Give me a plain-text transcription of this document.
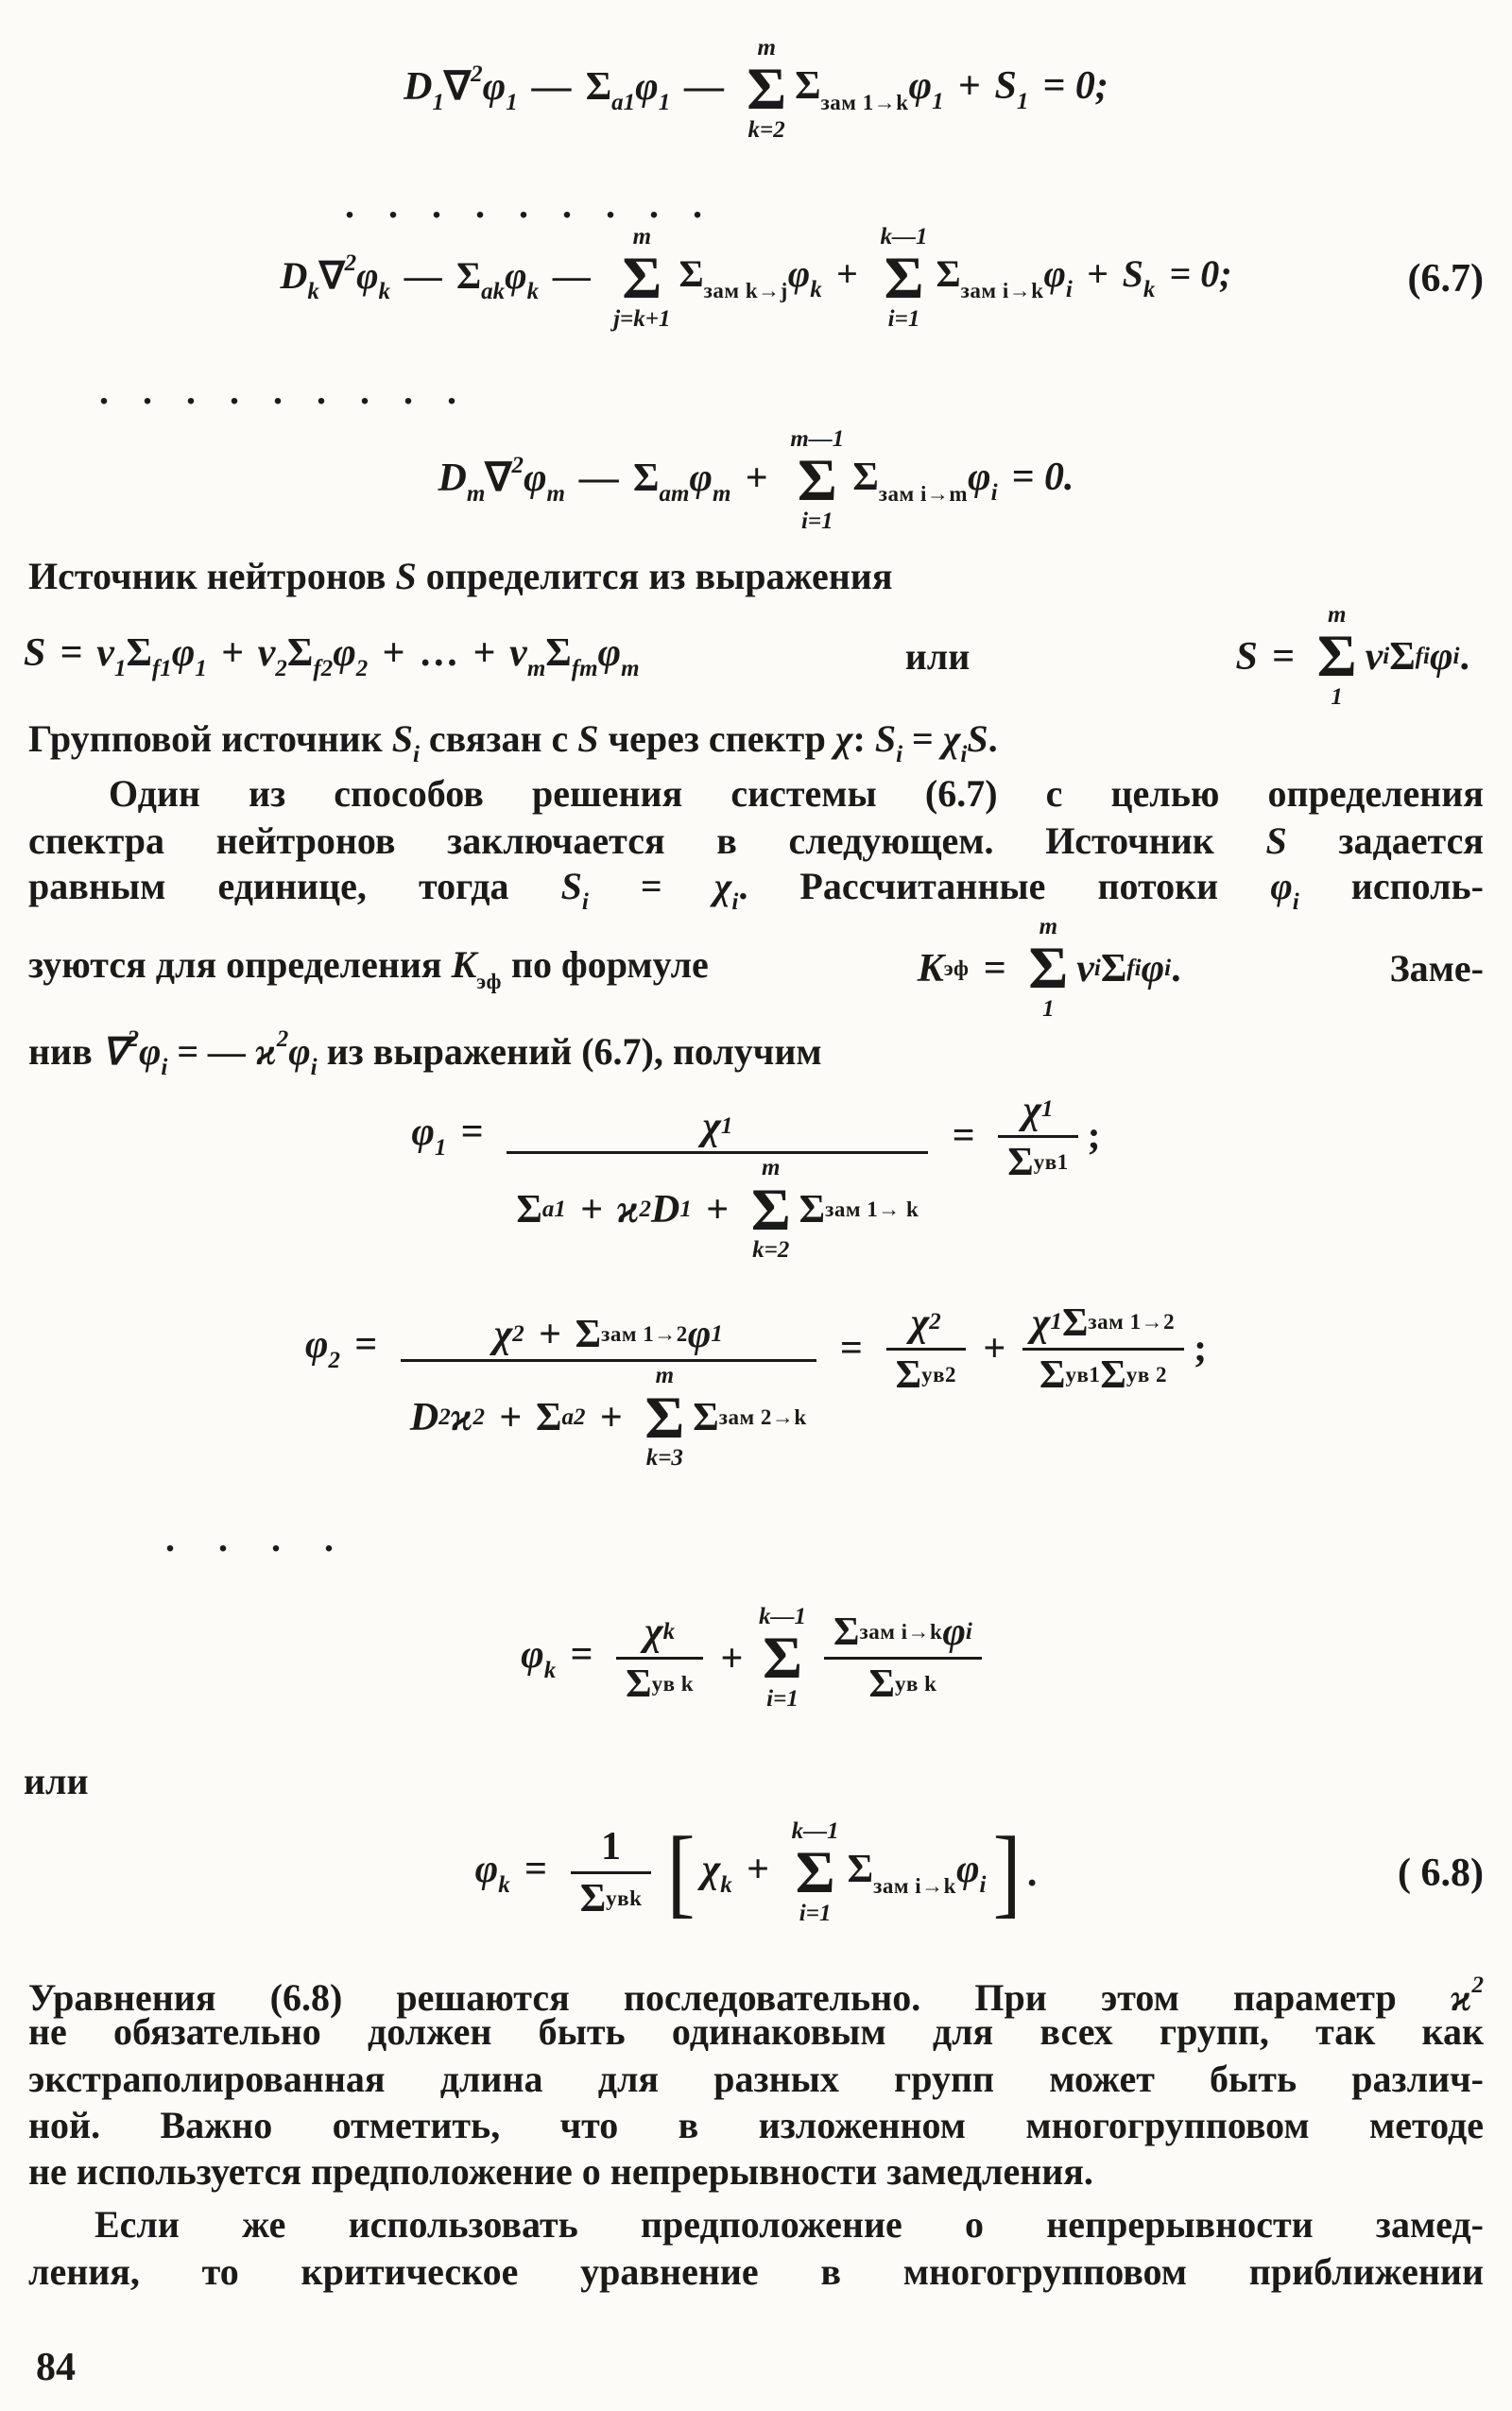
$D_1\nabla^2\varphi_1$ — $\Sigma_{a1}\varphi_1$ —
m
Σ
k=2
$\Sigma_{зам 1\to k}\varphi_1 + S_1 = 0$;
. . . . . . . . .
$D_k\nabla^2\varphi_k$ — $\Sigma_{ak}\varphi_k$ —
m
Σ
j=k+1
$\Sigma_{зам k\to j}\varphi_k$ +
k—1
Σ
i=1
$\Sigma_{зам i\to k}\varphi_i + S_k = 0$;	(6.7)
. . . . . . . . .
$D_m\nabla^2\varphi_m$ — $\Sigma_{am}\varphi_m$ +
m—1
Σ
i=1
$\Sigma_{зам i\to m}\varphi_i = 0$.
Источник нейтронов S определится из выражения
$S = \nu_1\Sigma_{f1}\varphi_1 + \nu_2\Sigma_{f2}\varphi_2$ + … + $\nu_m\Sigma_{fm}\varphi_m$	или	S =
m
Σ
1
ν i Σ fi φ i .
Групповой источник $S_i$ связан с S через спектр χ: $S_i = \chi_iS$.
Один из способов решения системы (6.7) с целью определения
спектра нейтронов заключается в следующем. Источник S задается
равным единице, тогда $S_i = \chi_i$. Рассчитанные потоки $\varphi_i$ исполь-
зуются для определения $K_{эф}$ по формуле	K эф =
m
Σ
1
ν i Σ fi φ i .	Заме-
нив $\nabla^2\varphi_i$ = — $ϰ^2\varphi_i$ из выражений (6.7), получим
$\varphi_1 = \chi$ 1
Σ a1 + ϰ 2 D 1 +
m
Σ
k=2
Σ зам $1\to k = \frac{\chi 1}{\text{Σ ув1}}$ ;
$\varphi_2 = \chi$ 2 + Σ зам 1→2 φ 1
D 2 ϰ 2 + Σ a2 +
m
Σ
k=3
Σ зам $2\to k = \frac{\chi 2}{\text{Σ ув2}} + \frac{\text{χ 1 Σ зам 1→2}}{\text{Σ ув1 Σ ув 2}}$ ;
. . . .
$\varphi_k = \frac{\text{χ k}}{\text{Σ ув k}}$ +
k—1
Σ
$i=1 \frac{\text{Σ зам i→k φ i}}{\text{Σ ув k}}$
или
$\varphi_k = \frac{1}{\text{Σ увk}}$ [ $\chi_k$ +
k—1
Σ
i=1
$\Sigma_{зам i\to k}\varphi_i$ ] .	( 6.8)
Уравнения (6.8) решаются последовательно. При этом параметр $ϰ^2$
не обязательно должен быть одинаковым для всех групп, так как
экстраполированная длина для разных групп может быть различ-
ной. Важно отметить, что в изложенном многогрупповом методе
не используется предположение о непрерывности замедления.
Если же использовать предположение о непрерывности замед-
ления, то критическое уравнение в многогрупповом приближении
84
